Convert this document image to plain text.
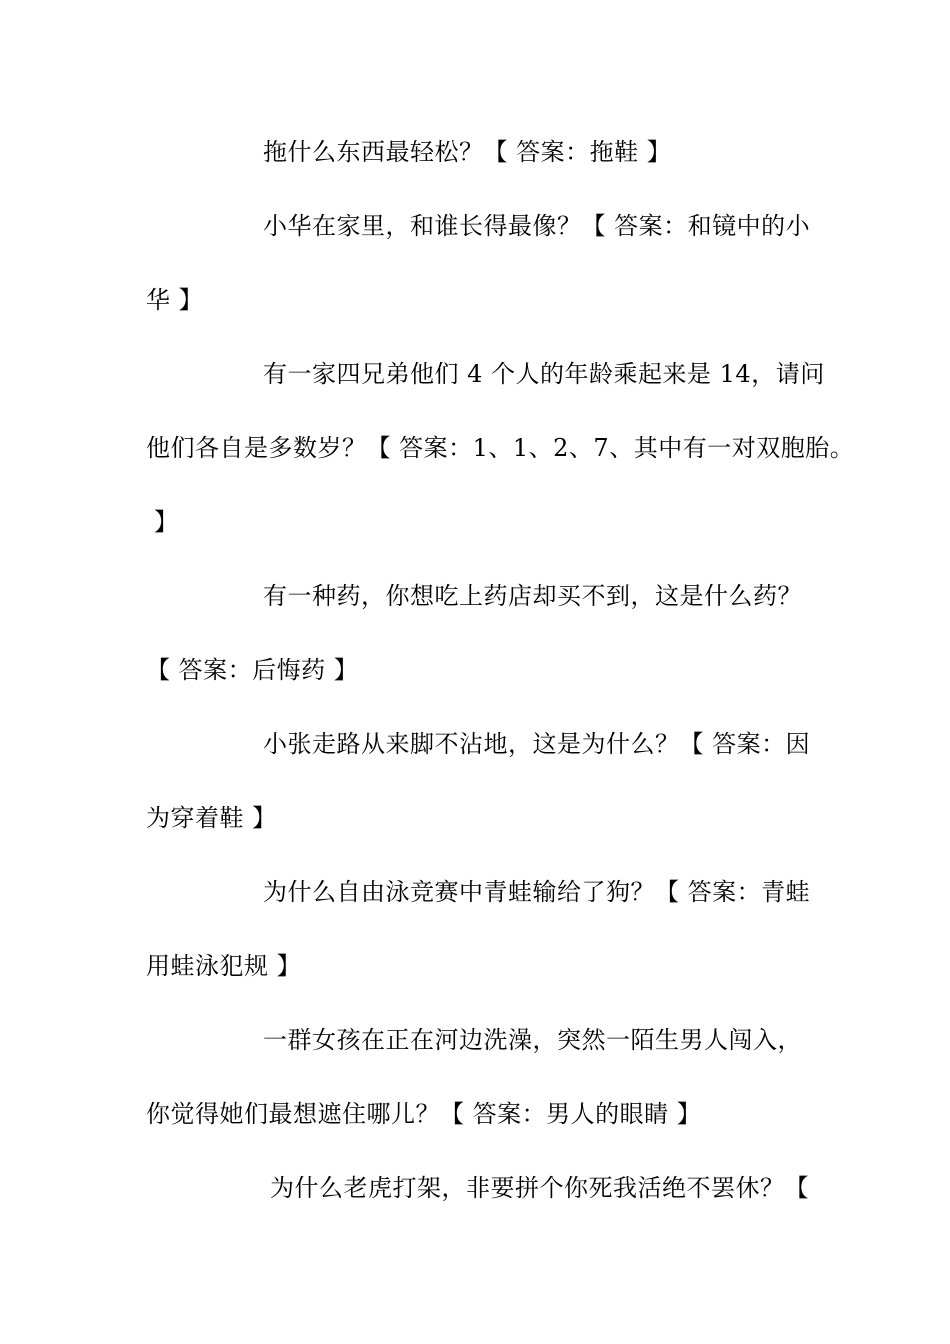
拖什么东西最轻松？【 答案：拖鞋 】
小华在家里，和谁长得最像？【 答案：和镜中的小
华 】
有一家四兄弟他们 4 个人的年龄乘起来是 14，请问
他们各自是多数岁？【 答案：1、1、2、7、其中有一对双胞胎。
】
有一种药，你想吃上药店却买不到，这是什么药？
【 答案：后悔药 】
小张走路从来脚不沾地，这是为什么？【 答案：因
为穿着鞋 】
为什么自由泳竞赛中青蛙输给了狗？【 答案：青蛙
用蛙泳犯规 】
一群女孩在正在河边洗澡，突然一陌生男人闯入，
你觉得她们最想遮住哪儿？【 答案：男人的眼睛 】
为什么老虎打架，非要拼个你死我活绝不罢休？【
